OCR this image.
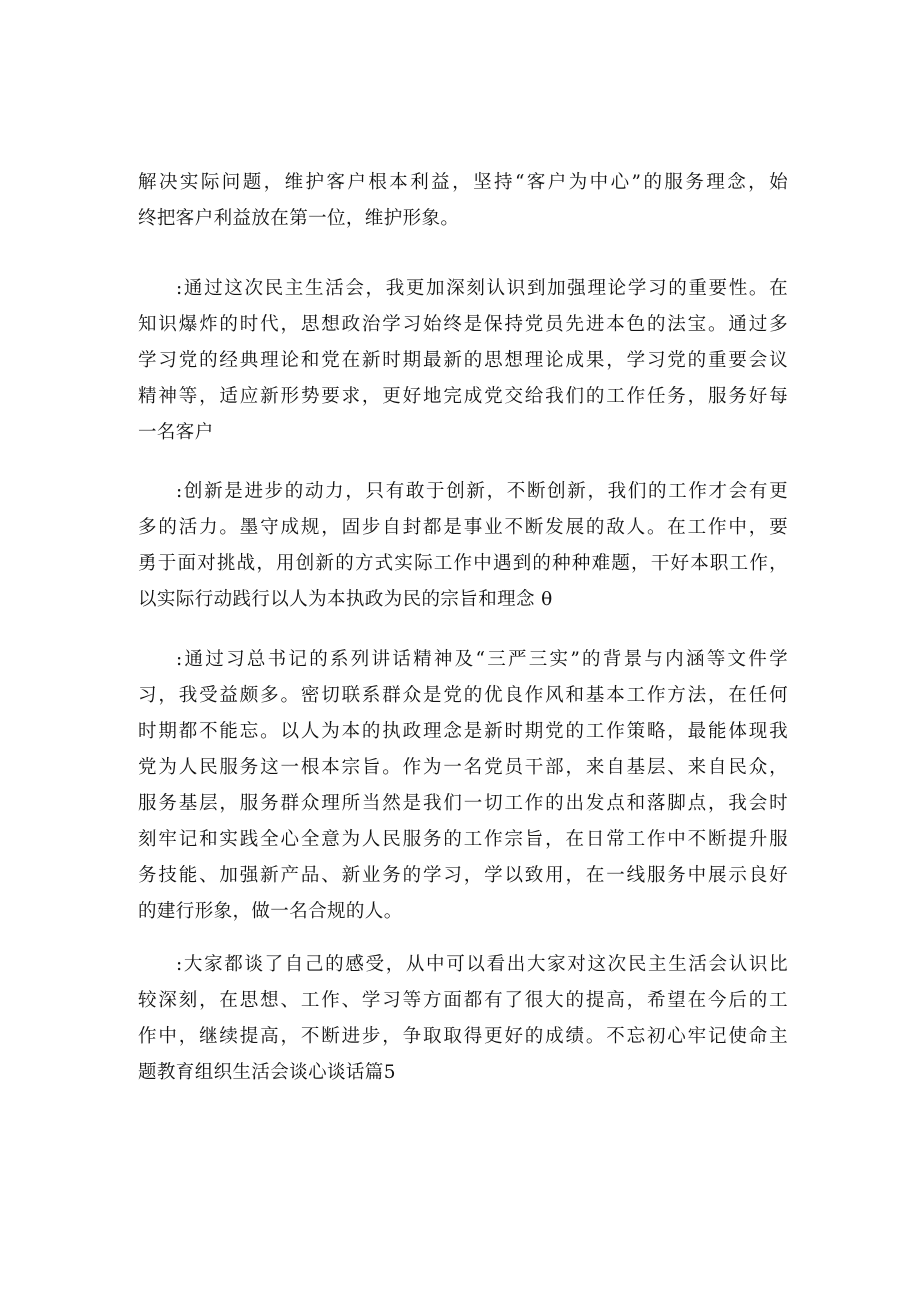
解决实际问题，维护客户根本利益，坚持“客户为中心”的服务理念，始
终把客户利益放在第一位，维护形象。
:通过这次民主生活会，我更加深刻认识到加强理论学习的重要性。在
知识爆炸的时代，思想政治学习始终是保持党员先进本色的法宝。通过多
学习党的经典理论和党在新时期最新的思想理论成果，学习党的重要会议
精神等，适应新形势要求，更好地完成党交给我们的工作任务，服务好每
一名客户
:创新是进步的动力，只有敢于创新，不断创新，我们的工作才会有更
多的活力。墨守成规，固步自封都是事业不断发展的敌人。在工作中，要
勇于面对挑战，用创新的方式实际工作中遇到的种种难题，干好本职工作，
以实际行动践行以人为本执政为民的宗旨和理念 θ
:通过习总书记的系列讲话精神及“三严三实”的背景与内涵等文件学
习，我受益颇多。密切联系群众是党的优良作风和基本工作方法，在任何
时期都不能忘。以人为本的执政理念是新时期党的工作策略，最能体现我
党为人民服务这一根本宗旨。作为一名党员干部，来自基层、来自民众，
服务基层，服务群众理所当然是我们一切工作的出发点和落脚点，我会时
刻牢记和实践全心全意为人民服务的工作宗旨，在日常工作中不断提升服
务技能、加强新产品、新业务的学习，学以致用，在一线服务中展示良好
的建行形象，做一名合规的人。
:大家都谈了自己的感受，从中可以看出大家对这次民主生活会认识比
较深刻，在思想、工作、学习等方面都有了很大的提高，希望在今后的工
作中，继续提高，不断进步，争取取得更好的成绩。不忘初心牢记使命主
题教育组织生活会谈心谈话篇5
